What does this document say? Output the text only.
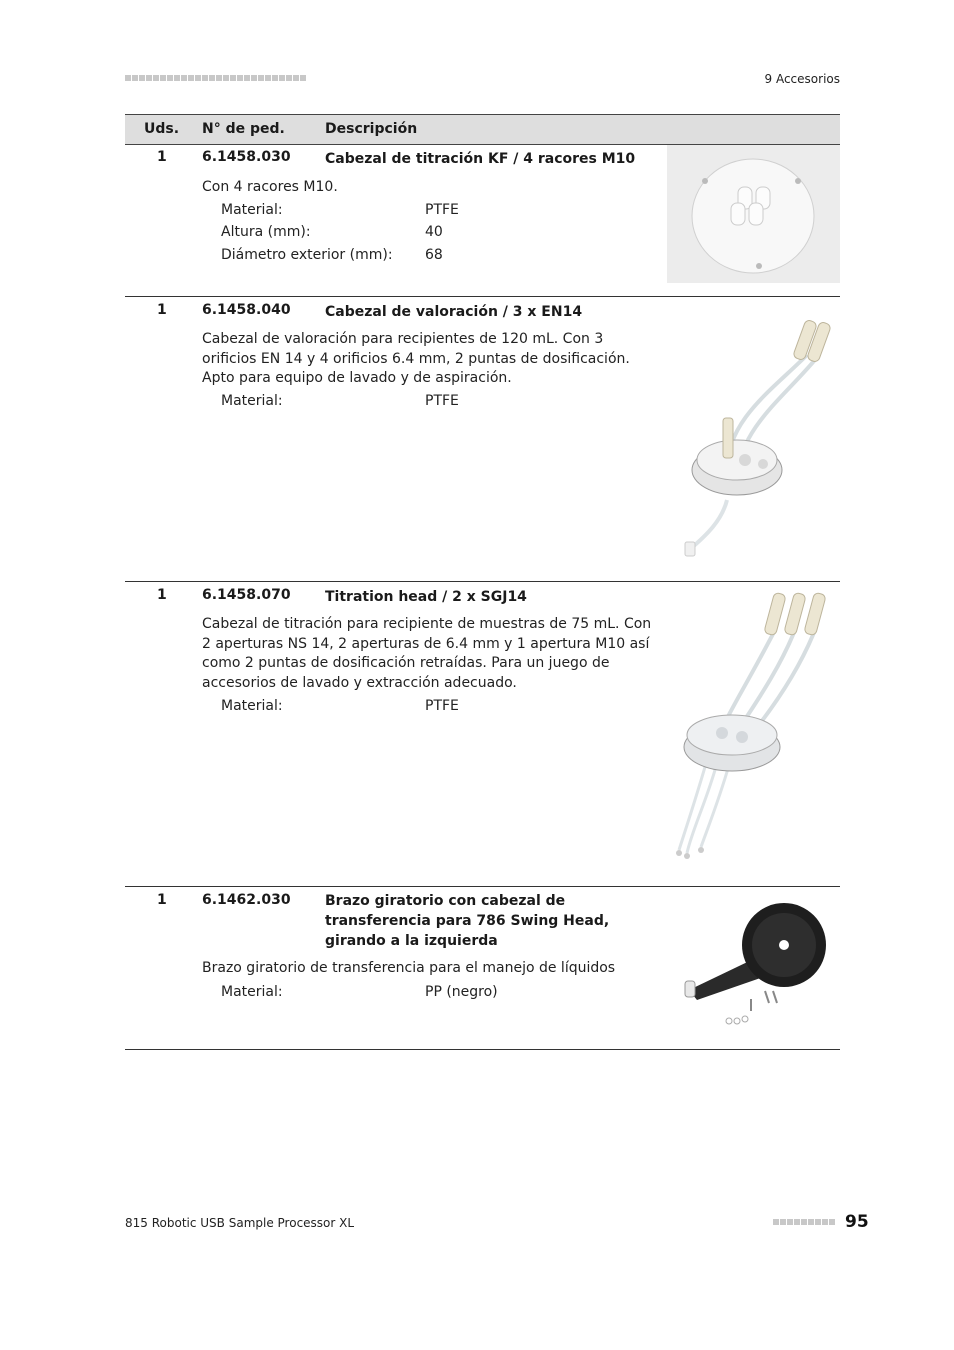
9 Accesorios
Uds. N° de ped.	Descripción
1	6.1458.030 Cabezal de titración KF / 4 racores M10
Con 4 racores M10.
Material:	PTFE
Altura (mm):	40
Diámetro exterior (mm): 68
1	6.1458.040 Cabezal de valoración / 3 x EN14
Cabezal de valoración para recipientes de 120 mL. Con 3 orificios EN 14 y 4 orificios 6.4 mm, 2 puntas de dosificación. Apto para equipo de lavado y de aspiración.
Material:	PTFE
1	6.1458.070 Titration head / 2 x SGJ14
Cabezal de titración para recipiente de muestras de 75 mL. Con 2 aperturas NS 14, 2 aperturas de 6.4 mm y 1 apertura M10 así como 2 puntas de dosificación retraídas. Para un juego de accesorios de lavado y extracción adecuado.
Material:	PTFE
1	6.1462.030 Brazo giratorio con cabezal de transferencia para 786 Swing Head, girando a la izquierda
Brazo giratorio de transferencia para el manejo de líquidos
Material:	PP (negro)
815 Robotic USB Sample Processor XL	95
